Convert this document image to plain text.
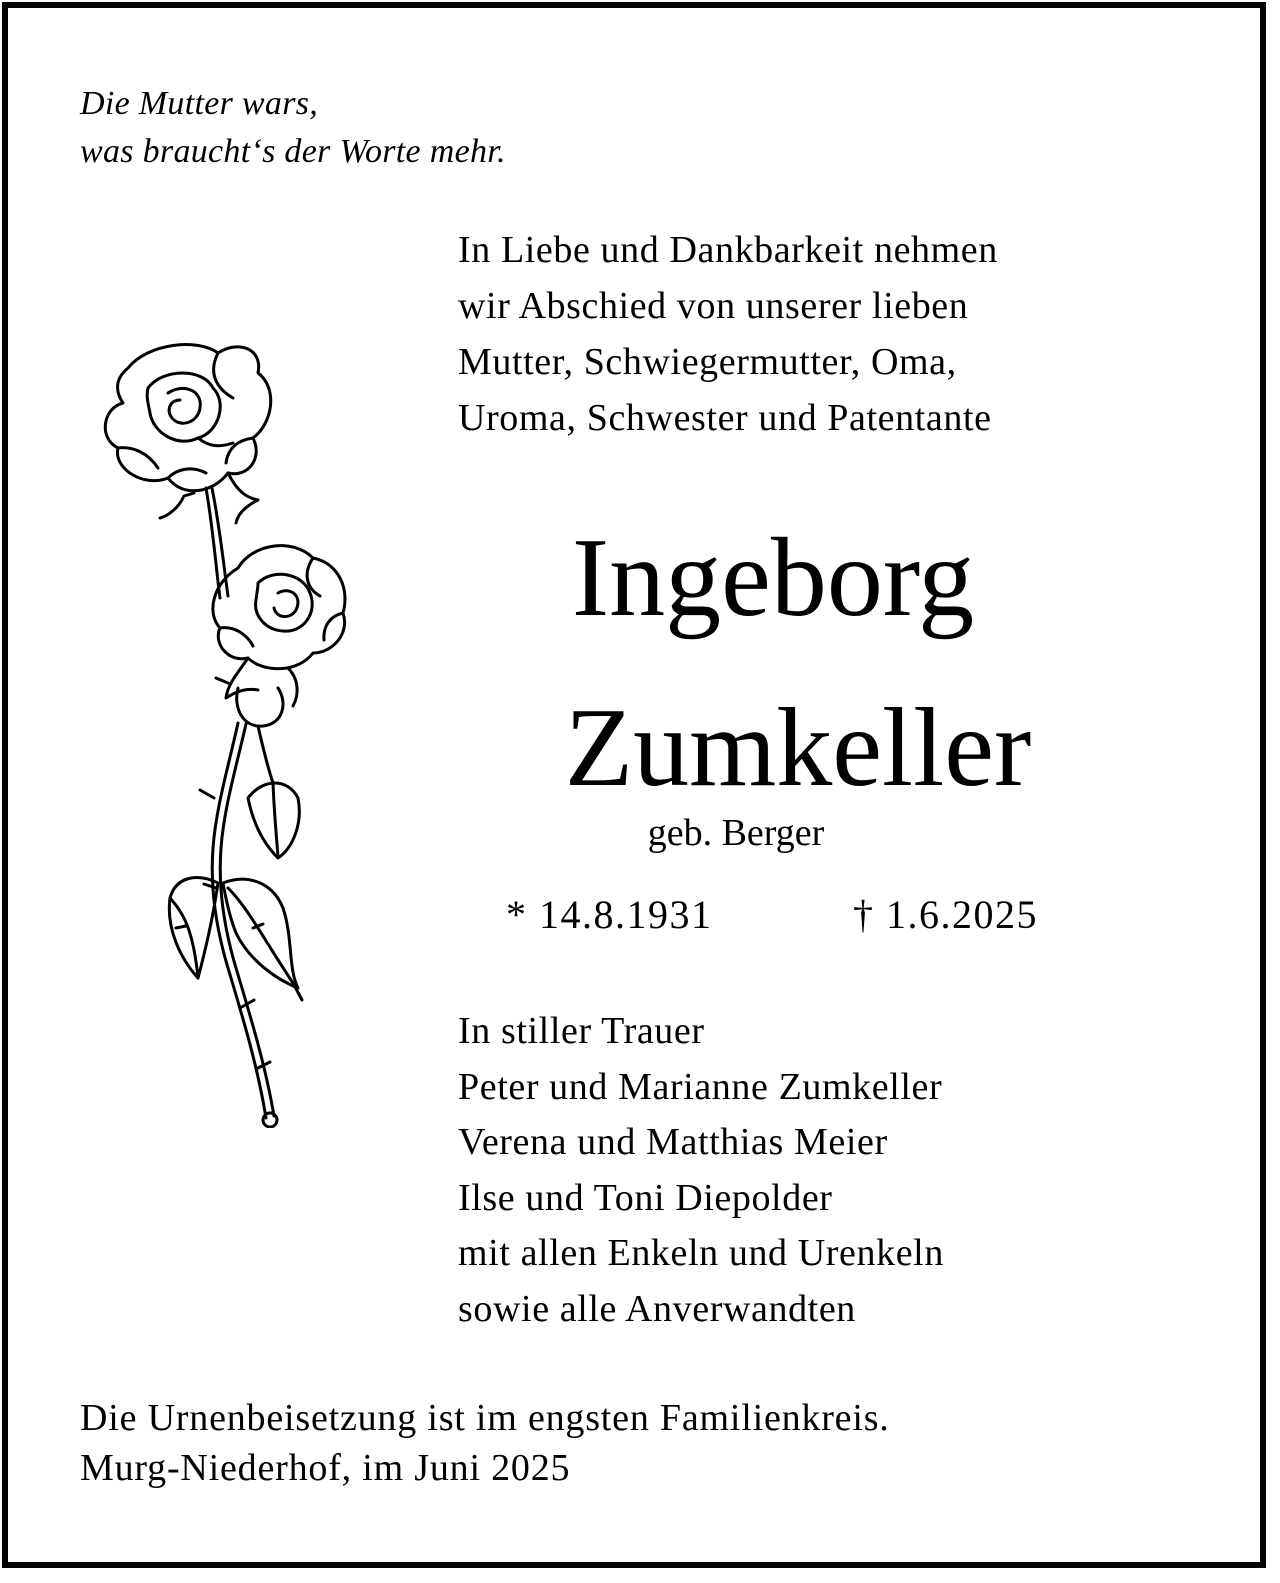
Die Mutter wars,
was braucht‘s der Worte mehr.
In Liebe und Dankbarkeit nehmen
wir Abschied von unserer lieben
Mutter, Schwiegermutter, Oma,
Uroma, Schwester und Patentante
Ingeborg
Zumkeller
geb. Berger
* 14.8.1931	† 1.6.2025
In stiller Trauer
Peter und Marianne Zumkeller
Verena und Matthias Meier
Ilse und Toni Diepolder
mit allen Enkeln und Urenkeln
sowie alle Anverwandten
Die Urnenbeisetzung ist im engsten Familienkreis.
Murg-Niederhof, im Juni 2025
